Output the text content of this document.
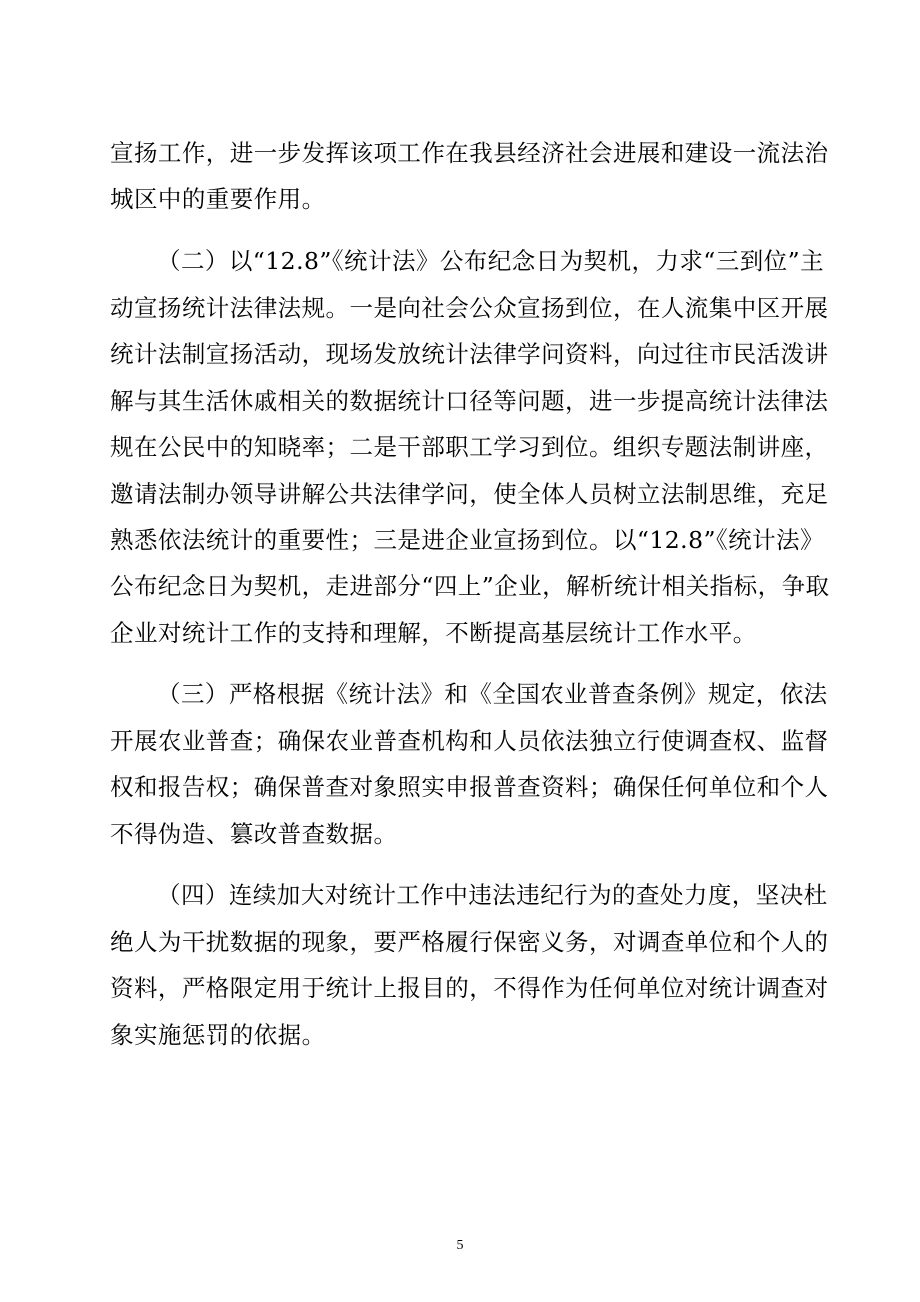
宣扬工作，进一步发挥该项工作在我县经济社会进展和建设一流法治
城区中的重要作用。
（二）以“12.8”《统计法》公布纪念日为契机，力求“三到位”主
动宣扬统计法律法规。一是向社会公众宣扬到位，在人流集中区开展
统计法制宣扬活动，现场发放统计法律学问资料，向过往市民活泼讲
解与其生活休戚相关的数据统计口径等问题，进一步提高统计法律法
规在公民中的知晓率；二是干部职工学习到位。组织专题法制讲座，
邀请法制办领导讲解公共法律学问，使全体人员树立法制思维，充足
熟悉依法统计的重要性；三是进企业宣扬到位。以“12.8”《统计法》
公布纪念日为契机，走进部分“四上”企业，解析统计相关指标，争取
企业对统计工作的支持和理解，不断提高基层统计工作水平。
（三）严格根据《统计法》和《全国农业普查条例》规定，依法
开展农业普查；确保农业普查机构和人员依法独立行使调查权、监督
权和报告权；确保普查对象照实申报普查资料；确保任何单位和个人
不得伪造、篡改普查数据。
（四）连续加大对统计工作中违法违纪行为的查处力度，坚决杜
绝人为干扰数据的现象，要严格履行保密义务，对调查单位和个人的
资料，严格限定用于统计上报目的，不得作为任何单位对统计调查对
象实施惩罚的依据。
5
